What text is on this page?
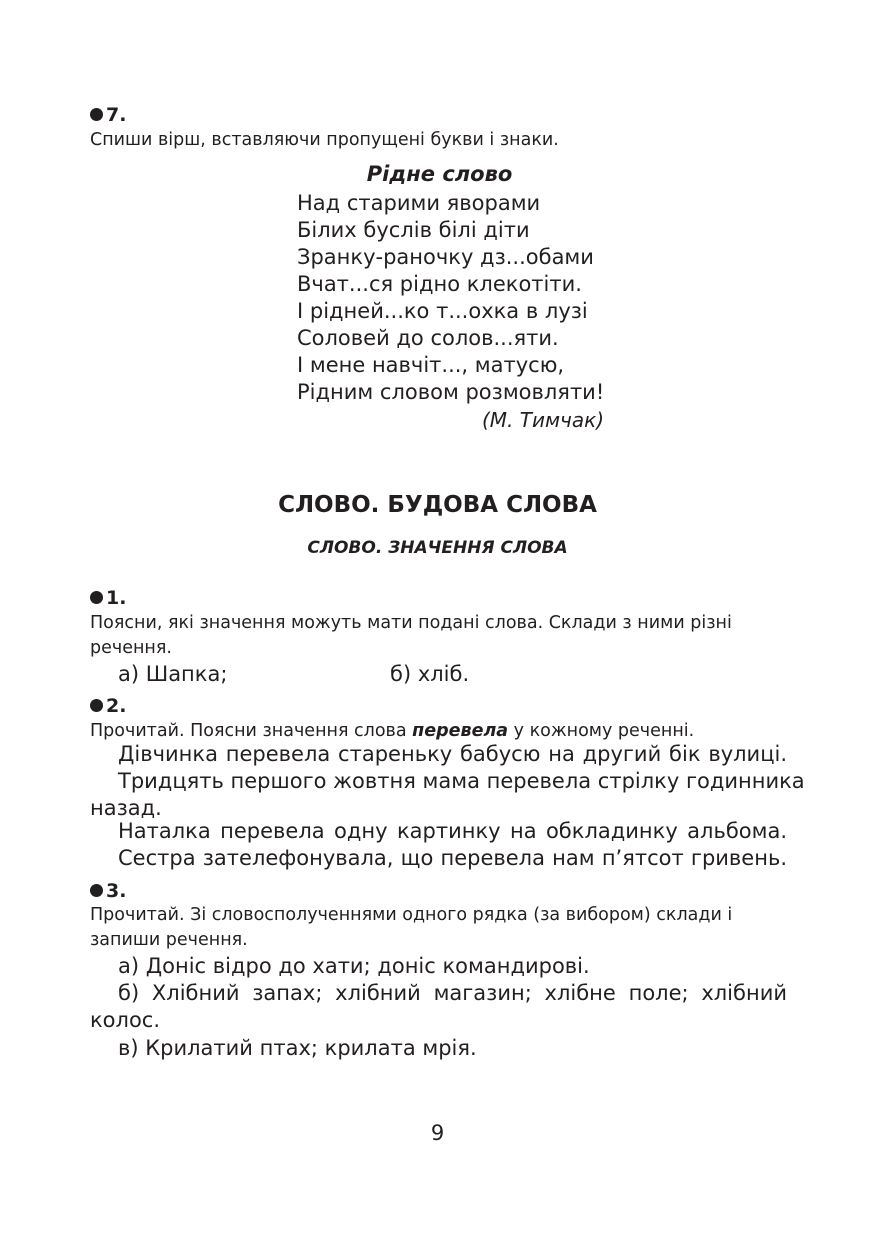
7.
Спиши вірш, вставляючи пропущені букви і знаки.
Рідне слово
Над старими яворами
Білих буслів білі діти
Зранку-раночку дз...обами
Вчат...ся рідно клекотіти.
І рідней...ко т...охка в лузі
Соловей до солов...яти.
І мене навчіт..., матусю,
Рідним словом розмовляти!
(М. Тимчак)
СЛОВО. БУДОВА СЛОВА
СЛОВО. ЗНАЧЕННЯ СЛОВА
1.
Поясни, які значення можуть мати подані слова. Склади з ними різні речення.
а) Шапка;	б) хліб.
2.
Прочитай. Поясни значення слова перевела у кожному реченні.
Дівчинка перевела стареньку бабусю на другий бік вулиці.
Тридцять першого жовтня мама перевела стрілку годинника
назад.
Наталка перевела одну картинку на обкладинку альбома.
Сестра зателефонувала, що перевела нам п’ятсот гривень.
3.
Прочитай. Зі словосполученнями одного рядка (за вибором) склади і запиши речення.
а) Доніс відро до хати; доніс командирові.
б) Хлібний запах; хлібний магазин; хлібне поле; хлібний
колос.
в) Крилатий птах; крилата мрія.
9
